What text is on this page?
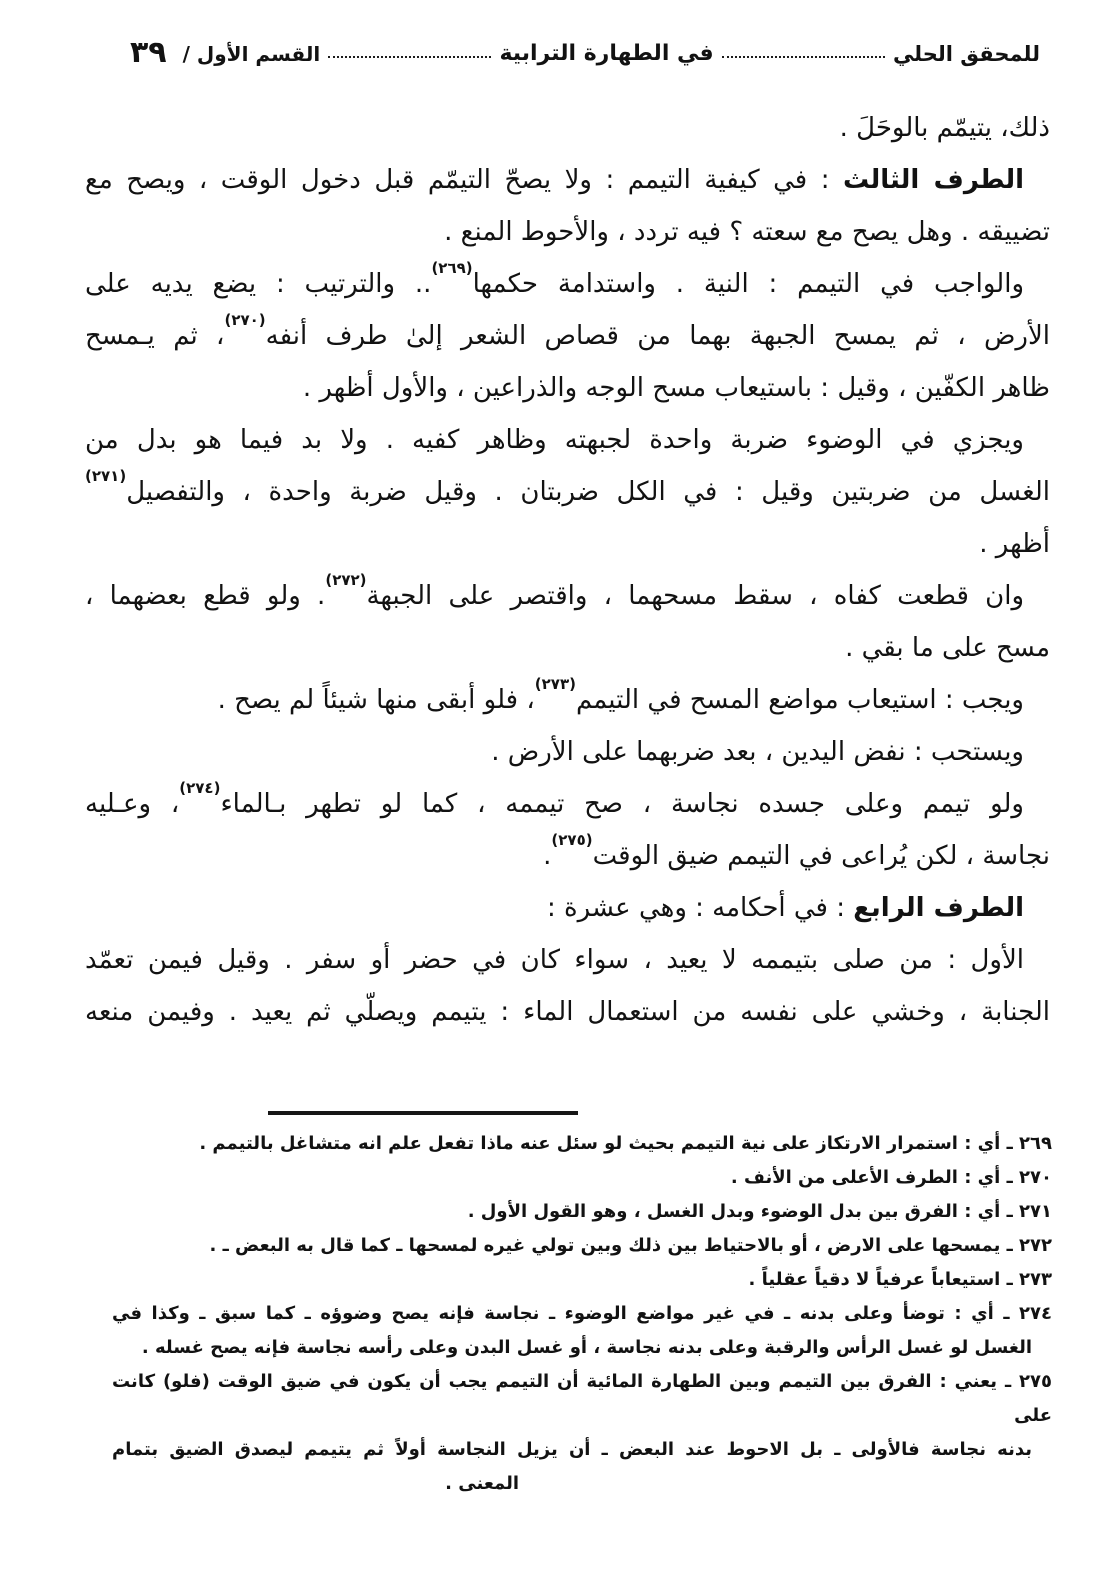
للمحقق الحلي
في الطهارة الترابية
القسم الأول /
٣٩
ذلك، يتيمّم بالوحَلَ .
الطرف الثالث : في كيفية التيمم : ولا يصحّ التيمّم قبل دخول الوقت ، ويصح مع
تضييقه . وهل يصح مع سعته ؟ فيه تردد ، والأحوط المنع .
والواجب في التيمم : النية . واستدامة حكمها$^{(٢٦٩)}$.. والترتيب : يضع يديه على
الأرض ، ثم يمسح الجبهة بهما من قصاص الشعر إلىٰ طرف أنفه$^{(٢٧٠)}$، ثم يـمسح
ظاهر الكفّين ، وقيل : باستيعاب مسح الوجه والذراعين ، والأول أظهر .
ويجزي في الوضوء ضربة واحدة لجبهته وظاهر كفيه . ولا بد فيما هو بدل من
الغسل من ضربتين وقيل : في الكل ضربتان . وقيل ضربة واحدة ، والتفصيل$^{(٢٧١)}$
أظهر .
وان قطعت كفاه ، سقط مسحهما ، واقتصر على الجبهة$^{(٢٧٢)}$. ولو قطع بعضهما ،
مسح على ما بقي .
ويجب : استيعاب مواضع المسح في التيمم$^{(٢٧٣)}$، فلو أبقى منها شيئاً لم يصح .
ويستحب : نفض اليدين ، بعد ضربهما على الأرض .
ولو تيمم وعلى جسده نجاسة ، صح تيممه ، كما لو تطهر بـالماء$^{(٢٧٤)}$، وعـليه
نجاسة ، لكن يُراعى في التيمم ضيق الوقت$^{(٢٧٥)}$.
الطرف الرابع : في أحكامه : وهي عشرة :
الأول : من صلى بتيممه لا يعيد ، سواء كان في حضر أو سفر . وقيل فيمن تعمّد
الجنابة ، وخشي على نفسه من استعمال الماء : يتيمم ويصلّي ثم يعيد . وفيمن منعه
٢٦٩ ـ أي : استمرار الارتكاز على نية التيمم بحيث لو سئل عنه ماذا تفعل علم انه متشاغل بالتيمم .
٢٧٠ ـ أي : الطرف الأعلى من الأنف .
٢٧١ ـ أي : الفرق بين بدل الوضوء وبدل الغسل ، وهو القول الأول .
٢٧٢ ـ يمسحها على الارض ، أو بالاحتياط بين ذلك وبين تولي غيره لمسحها ـ كما قال به البعض ـ .
٢٧٣ ـ استيعاباً عرفياً لا دقياً عقلياً .
٢٧٤ ـ أي : توضأ وعلى بدنه ـ في غير مواضع الوضوء ـ نجاسة فإنه يصح وضوؤه ـ كما سبق ـ وكذا في
الغسل لو غسل الرأس والرقبة وعلى بدنه نجاسة ، أو غسل البدن وعلى رأسه نجاسة فإنه يصح غسله .
٢٧٥ ـ يعني : الفرق بين التيمم وبين الطهارة المائية أن التيمم يجب أن يكون في ضيق الوقت (فلو) كانت على
بدنه نجاسة فالأولى ـ بل الاحوط عند البعض ـ أن يزيل النجاسة أولاً ثم يتيمم ليصدق الضيق بتمام
المعنى .
